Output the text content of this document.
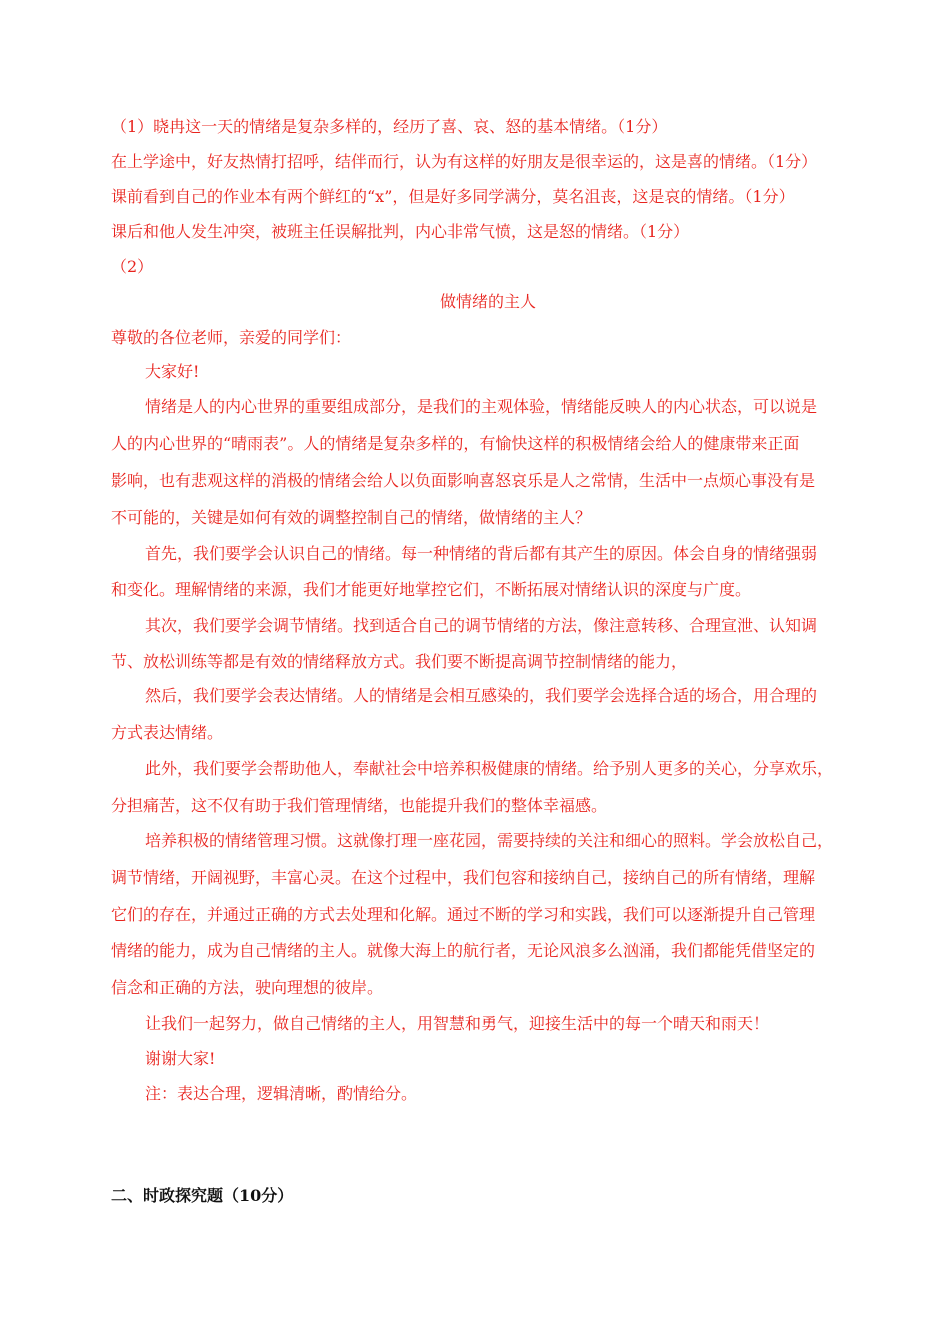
（1）晓冉这一天的情绪是复杂多样的，经历了喜、哀、怒的基本情绪。（1分）
在上学途中，好友热情打招呼，结伴而行，认为有这样的好朋友是很幸运的，这是喜的情绪。（1分）
课前看到自己的作业本有两个鲜红的“x”，但是好多同学满分，莫名沮丧，这是哀的情绪。（1分）
课后和他人发生冲突，被班主任误解批判，内心非常气愤，这是怒的情绪。（1分）
（2）
做情绪的主人
尊敬的各位老师，亲爱的同学们：
大家好!
情绪是人的内心世界的重要组成部分，是我们的主观体验，情绪能反映人的内心状态，可以说是
人的内心世界的“晴雨表”。人的情绪是复杂多样的，有愉快这样的积极情绪会给人的健康带来正面
影响，也有悲观这样的消极的情绪会给人以负面影响喜怒哀乐是人之常情，生活中一点烦心事没有是
不可能的，关键是如何有效的调整控制自己的情绪，做情绪的主人？
首先，我们要学会认识自己的情绪。每一种情绪的背后都有其产生的原因。体会自身的情绪强弱
和变化。理解情绪的来源，我们才能更好地掌控它们，不断拓展对情绪认识的深度与广度。
其次，我们要学会调节情绪。找到适合自己的调节情绪的方法，像注意转移、合理宣泄、认知调
节、放松训练等都是有效的情绪释放方式。我们要不断提高调节控制情绪的能力，
然后，我们要学会表达情绪。人的情绪是会相互感染的，我们要学会选择合适的场合，用合理的
方式表达情绪。
此外，我们要学会帮助他人，奉献社会中培养积极健康的情绪。给予别人更多的关心，分享欢乐，
分担痛苦，这不仅有助于我们管理情绪，也能提升我们的整体幸福感。
培养积极的情绪管理习惯。这就像打理一座花园，需要持续的关注和细心的照料。学会放松自己，
调节情绪，开阔视野，丰富心灵。在这个过程中，我们包容和接纳自己，接纳自己的所有情绪，理解
它们的存在，并通过正确的方式去处理和化解。通过不断的学习和实践，我们可以逐渐提升自己管理
情绪的能力，成为自己情绪的主人。就像大海上的航行者，无论风浪多么汹涌，我们都能凭借坚定的
信念和正确的方法，驶向理想的彼岸。
让我们一起努力，做自己情绪的主人，用智慧和勇气，迎接生活中的每一个晴天和雨天！
谢谢大家!
注：表达合理，逻辑清晰，酌情给分。
二、时政探究题（10分）
